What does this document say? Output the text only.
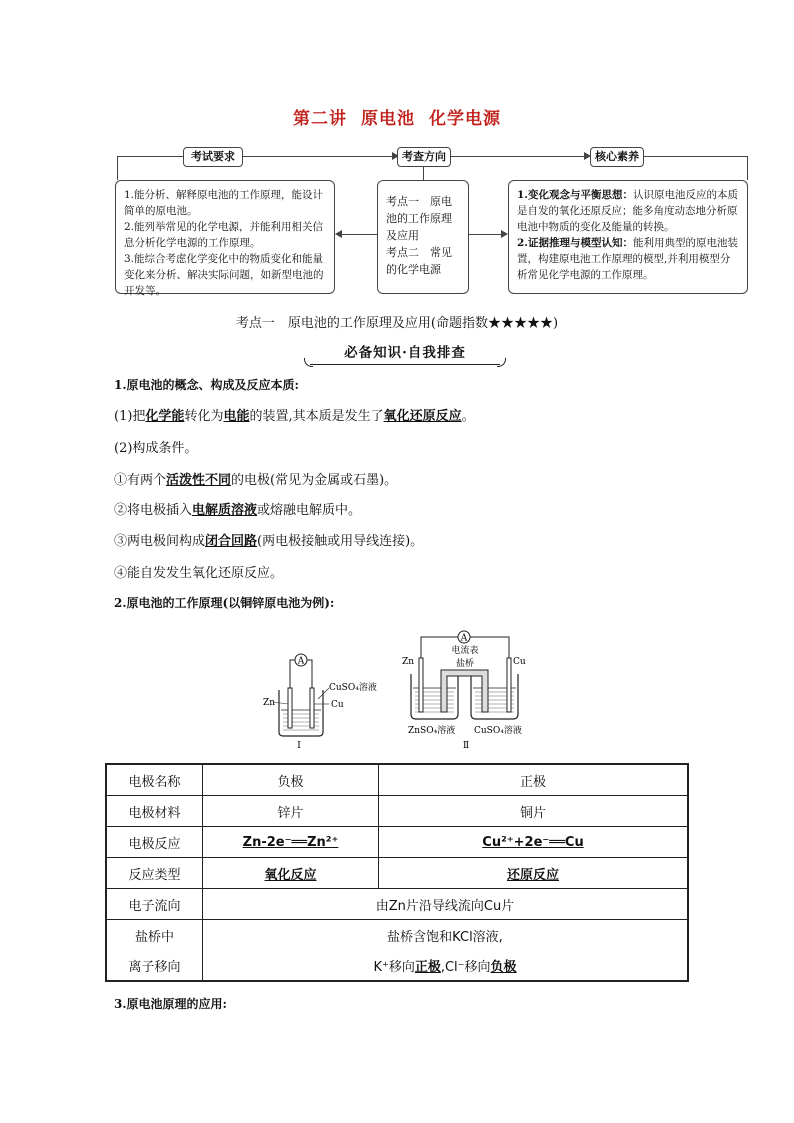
第二讲 原电池 化学电源
考试要求	考查方向	核心素养
1.能分析、解释原电池的工作原理，能设计简单的原电池。
2.能列举常见的化学电源，并能利用相关信息分析化学电源的工作原理。
3.能综合考虑化学变化中的物质变化和能量变化来分析、解决实际问题，如新型电池的开发等。
考点一　原电池的工作原理及应用
考点二　常见的化学电源
1.变化观念与平衡思想：认识原电池反应的本质是自发的氧化还原反应；能多角度动态地分析原电池中物质的变化及能量的转换。
2.证据推理与模型认知：能利用典型的原电池装置，构建原电池工作原理的模型,并利用模型分析常见化学电源的工作原理。
考点一　原电池的工作原理及应用(命题指数★★★★★)
必备知识·自我排查
1.原电池的概念、构成及反应本质:
(1)把化学能转化为电能的装置,其本质是发生了氧化还原反应。
(2)构成条件。
①有两个活泼性不同的电极(常见为金属或石墨)。
②将电极插入电解质溶液或熔融电解质中。
③两电极间构成闭合回路(两电极接触或用导线连接)。
④能自发发生氧化还原反应。
2.原电池的工作原理(以铜锌原电池为例):
A
Zn
CuSO₄溶液
Cu
Ⅰ
A
电流表
盐桥
Zn	Cu
ZnSO₄溶液 CuSO₄溶液
Ⅱ
电极名称	负极	正极
电极材料	锌片	铜片
电极反应	Zn-2e⁻══Zn²⁺	Cu²⁺+2e⁻══Cu
反应类型	氧化反应	还原反应
电子流向	由Zn片沿导线流向Cu片	
盐桥中	盐桥含饱和KCl溶液,	
离子移向	K⁺移向正极,Cl⁻移向负极	
3.原电池原理的应用:
